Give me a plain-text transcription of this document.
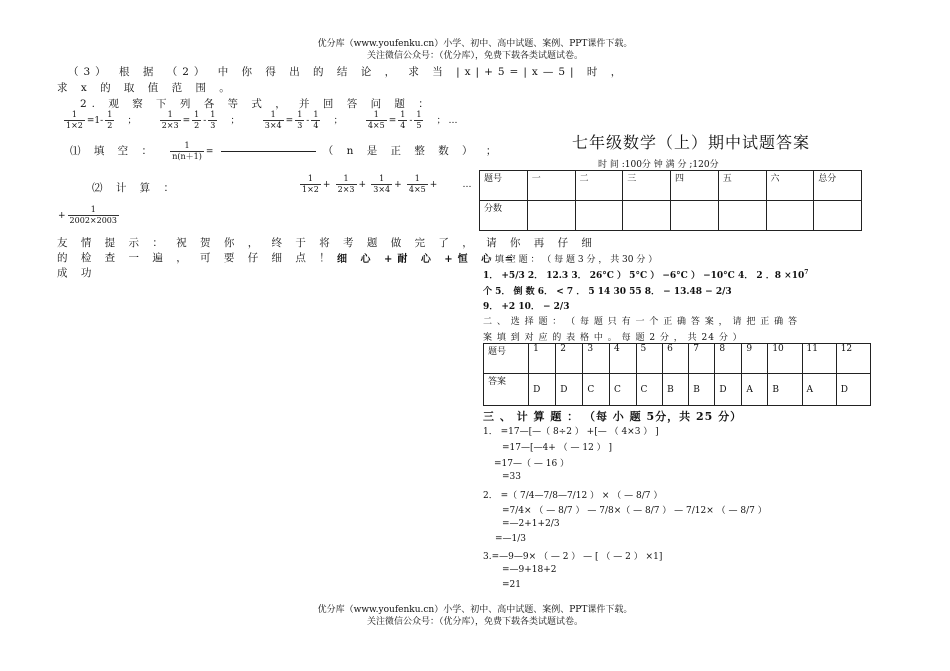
优分库（www.youfenku.cn）小学、初中、高中试题、案例、PPT课件下载。
关注微信公众号：（优分库），免费下载各类试题试卷。
（3） 根 据 （2） 中 你 得 出 的 结 论 ， 求 当 |x|+5=|x—5| 时 ，
求 x 的 取 值 范 围 。
2. 观 察 下 列 各 等 式 ， 并 回 答 问 题 ：
$\frac{1}{1\times 2} =1- \frac{1}{2}$ ；	$\frac{1}{2\times 3} = \frac{1}{2} - \frac{1}{3}$ ；	$\frac{1}{3\times 4} = \frac{1}{3} - \frac{1}{4}$ ；	$\frac{1}{4\times 5} = \frac{1}{4} - \frac{1}{5}$ ； …
⑴ 填 空 ： $\frac{1}{n(n+1)}$ =	（ n 是 正 整 数 ） ；
⑵ 计 算 ：	$\frac{1}{1\times 2} + \frac{1}{2\times 3} + \frac{1}{3\times 4} + \frac{1}{4\times 5}$ +	…
+ $\frac{1}{2002\times 2003}$
友 情 提 示 ： 祝 贺 你 ， 终 于 将 考 题 做 完 了 ， 请 你 再 仔 细
的 检 查 一 遍 ， 可 要 仔 细 点 ！ 细 心 +耐 心 +恒 心 =
成 功
七年级数学（上）期中试题答案
时 间 :100分 钟 满 分 ;120分
题号	一	二	三	四	五	六	总分
分数							
一 填 空 题 ： （ 每 题 3 分 ， 共 30 分 ）
1． +5/3 2． 12.3 3． 26°C ） 5°C ） −6°C ） −10°C 4． 2 ．$8 \times 10^7$
个 5． 倒 数 6． < 7 ． 5 14 30 55 8． − 13.48 − 2/3
9． +2 10． − 2/3
二 、 选 择 题 ： （ 每 题 只 有 一 个 正 确 答 案 ， 请 把 正 确 答
案 填 到 对 应 的 表 格 中 。 每 题 2 分 ， 共 24 分 ）
题号	1	2	3	4	5	6	7	8	9	10	11	12
答案	D	D	C	C	C	B	B	D	A	B	A	D
三 、 计 算 题 ： （每 小 题 5分，共 25 分）
1． =17—[—（ 8÷2 ） +[— （ 4×3 ） ]
=17—[—4+ （ — 12 ） ]
=17—（ — 16 ）
=33
2． =（ 7/4—7/8—7/12 ） × （ — 8/7 ）
=7/4× （ — 8/7 ） — 7/8×（ — 8/7 ） — 7/12× （ — 8/7 ）
=—2+1+2/3
=—1/3
3.=—9—9× （ — 2 ） — [ （ — 2 ） ×1]
=—9+18+2
=21
优分库（www.youfenku.cn）小学、初中、高中试题、案例、PPT课件下载。
关注微信公众号：（优分库），免费下载各类试题试卷。
